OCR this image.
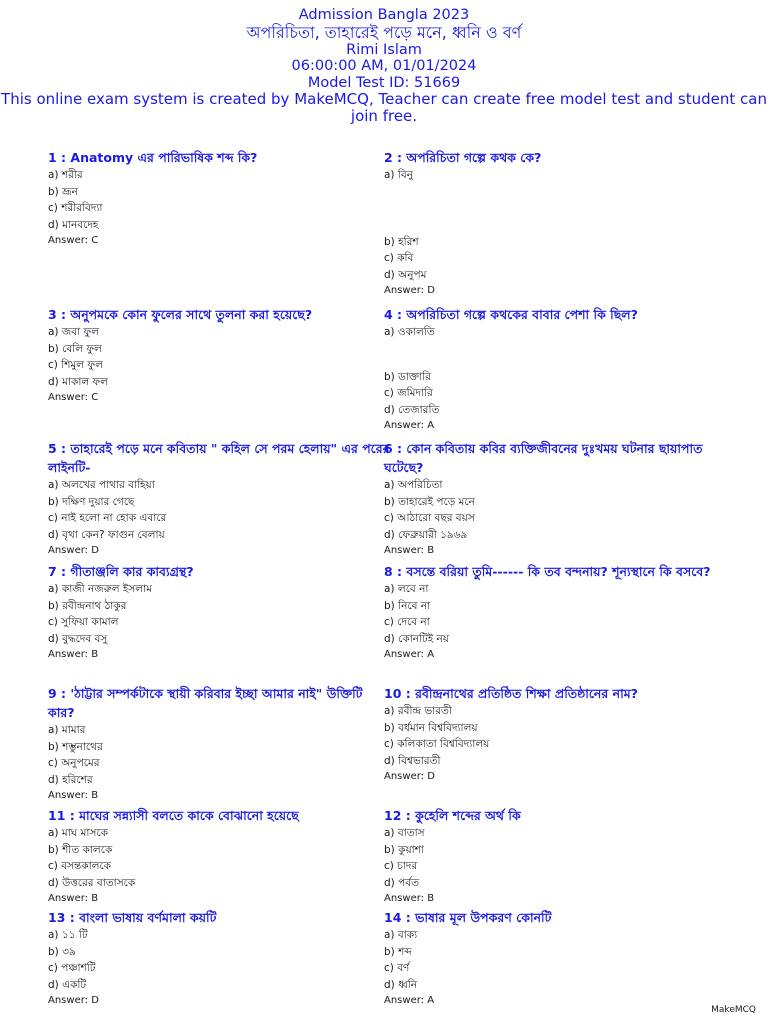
Admission Bangla 2023
অপরিচিতা, তাহারেই পড়ে মনে, ধ্বনি ও বর্ণ
Rimi Islam
06:00:00 AM, 01/01/2024
Model Test ID: 51669
This online exam system is created by MakeMCQ, Teacher can create free model test and student can join free.
1 : Anatomy এর পারিভাষিক শব্দ কি?
a) শরীর
b) ভ্রূন
c) শরীরবিদ্যা
d) মানবদেহ
Answer: C
3 : অনুপমকে কোন ফুলের সাথে তুলনা করা হয়েছে?
a) জবা ফুল
b) বেলি ফুল
c) শিমুল ফুল
d) মাকাল ফল
Answer: C
5 : তাহারেই পড়ে মনে কবিতায় " কহিল সে পরম হেলায়" এর পরের লাইনটি-
a) অলখের পাথার বাহিয়া
b) দক্ষিণ দুয়ার গেছে
c) নাই হলো না হোক এবারে
d) বৃথা কেন? ফাগুন বেলায়
Answer: D
7 : গীতাঞ্জলি কার কাব্যগ্রন্থ?
a) কাজী নজরুল ইসলাম
b) রবীন্দ্রনাথ ঠাকুর
c) সুফিয়া কামাল
d) বুদ্ধদেব বসু
Answer: B
9 : 'ঠাট্টার সম্পর্কটাকে স্থায়ী করিবার ইচ্ছা আমার নাই" উক্তিটি কার?
a) মামার
b) শম্ভুনাথের
c) অনুপমের
d) হরিশের
Answer: B
11 : মাঘের সন্ন্যাসী বলতে কাকে বোঝানো হয়েছে
a) মাঘ মাসকে
b) শীত কালকে
c) বসন্তকালকে
d) উত্তরের বাতাসকে
Answer: B
13 : বাংলা ভাষায় বর্ণমালা কয়টি
a) ১১ টি
b) ৩৯
c) পঞ্চাশটি
d) একটি
Answer: D
2 : অপরিচিতা গল্পে কথক কে?
a) বিনু
b) হরিশ
c) কবি
d) অনুপম
Answer: D
4 : অপরিচিতা গল্পে কথকের বাবার পেশা কি ছিল?
a) ওকালতি
b) ডাক্তারি
c) জমিদারি
d) তেজারতি
Answer: A
6 : কোন কবিতায় কবির ব্যক্তিজীবনের দুঃখময় ঘটনার ছায়াপাত ঘটেছে?
a) অপরিচিতা
b) তাহারেই পড়ে মনে
c) আঠারো বছর বয়স
d) ফেব্রুয়ারী ১৯৬৯
Answer: B
8 : বসন্তে বরিয়া তুমি------ কি তব বন্দনায়? শূন্যস্থানে কি বসবে?
a) লবে না
b) নিবে না
c) দেবে না
d) কোনটিই নয়
Answer: A
10 : রবীন্দ্রনাথের প্রতিষ্ঠিত শিক্ষা প্রতিষ্ঠানের নাম?
a) রবীন্দ্র ভারতী
b) বর্ধমান বিশ্ববিদ্যালয়
c) কলিকাতা বিশ্ববিদ্যালয়
d) বিশ্বভারতী
Answer: D
12 : কুহেলি শব্দের অর্থ কি
a) বাতাস
b) কুয়াশা
c) চাদর
d) পর্বত
Answer: B
14 : ভাষার মূল উপকরণ কোনটি
a) বাক্য
b) শব্দ
c) বর্ণ
d) ধ্বনি
Answer: A
MakeMCQ
